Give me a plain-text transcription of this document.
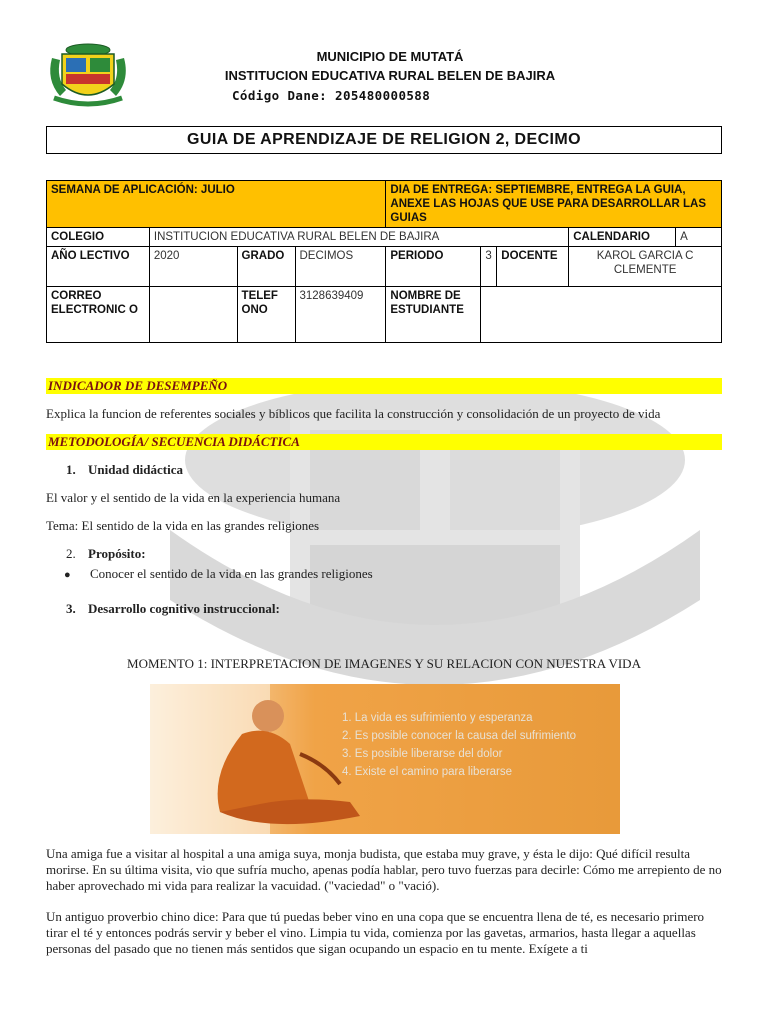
MUNICIPIO DE MUTATÁ
INSTITUCION EDUCATIVA RURAL BELEN DE BAJIRA
Código Dane: 205480000588
GUIA DE APRENDIZAJE DE RELIGION 2, DECIMO
SEMANA DE APLICACIÓN: JULIO				DIA DE ENTREGA: SEPTIEMBRE, ENTREGA LA GUIA, ANEXE LAS HOJAS QUE USE PARA DESARROLLAR LAS GUIAS				
COLEGIO	INSTITUCION EDUCATIVA RURAL BELEN DE BAJIRA						CALENDARIO	A
AÑO LECTIVO	2020	GRADO	DECIMOS	PERIODO	3	DOCENTE	KAROL GARCIA C CLEMENTE	
CORREO ELECTRONIC O		TELEF ONO	3128639409	NOMBRE DE ESTUDIANTE				
INDICADOR DE DESEMPEÑO
Explica la funcion de referentes sociales y bíblicos que facilita la construcción y consolidación de un proyecto de vida
METODOLOGÍA/ SECUENCIA DIDÁCTICA
1. Unidad didáctica
El valor y el sentido de la vida en la experiencia humana
Tema: El sentido de la vida en las grandes religiones
2. Propósito:
● Conocer el sentido de la vida en las grandes religiones
3. Desarrollo cognitivo instruccional:
MOMENTO 1: INTERPRETACION DE IMAGENES Y SU RELACION CON NUESTRA VIDA
1. La vida es sufrimiento y esperanza
2. Es posible conocer la causa del sufrimiento
3. Es posible liberarse del dolor
4. Existe el camino para liberarse
Una amiga fue a visitar al hospital a una amiga suya, monja budista, que estaba muy grave, y ésta le dijo: Qué difícil resulta morirse. En su última visita, vio que sufría mucho, apenas podía hablar, pero tuvo fuerzas para decirle: Cómo me arrepiento de no haber aprovechado mi vida para realizar la vacuidad. ("vaciedad" o "vació).
Un antiguo proverbio chino dice: Para que tú puedas beber vino en una copa que se encuentra llena de té, es necesario primero tirar el té y entonces podrás servir y beber el vino. Limpia tu vida, comienza por las gavetas, armarios, hasta llegar a aquellas personas del pasado que no tienen más sentidos que sigan ocupando un espacio en tu mente. Exígete a ti
